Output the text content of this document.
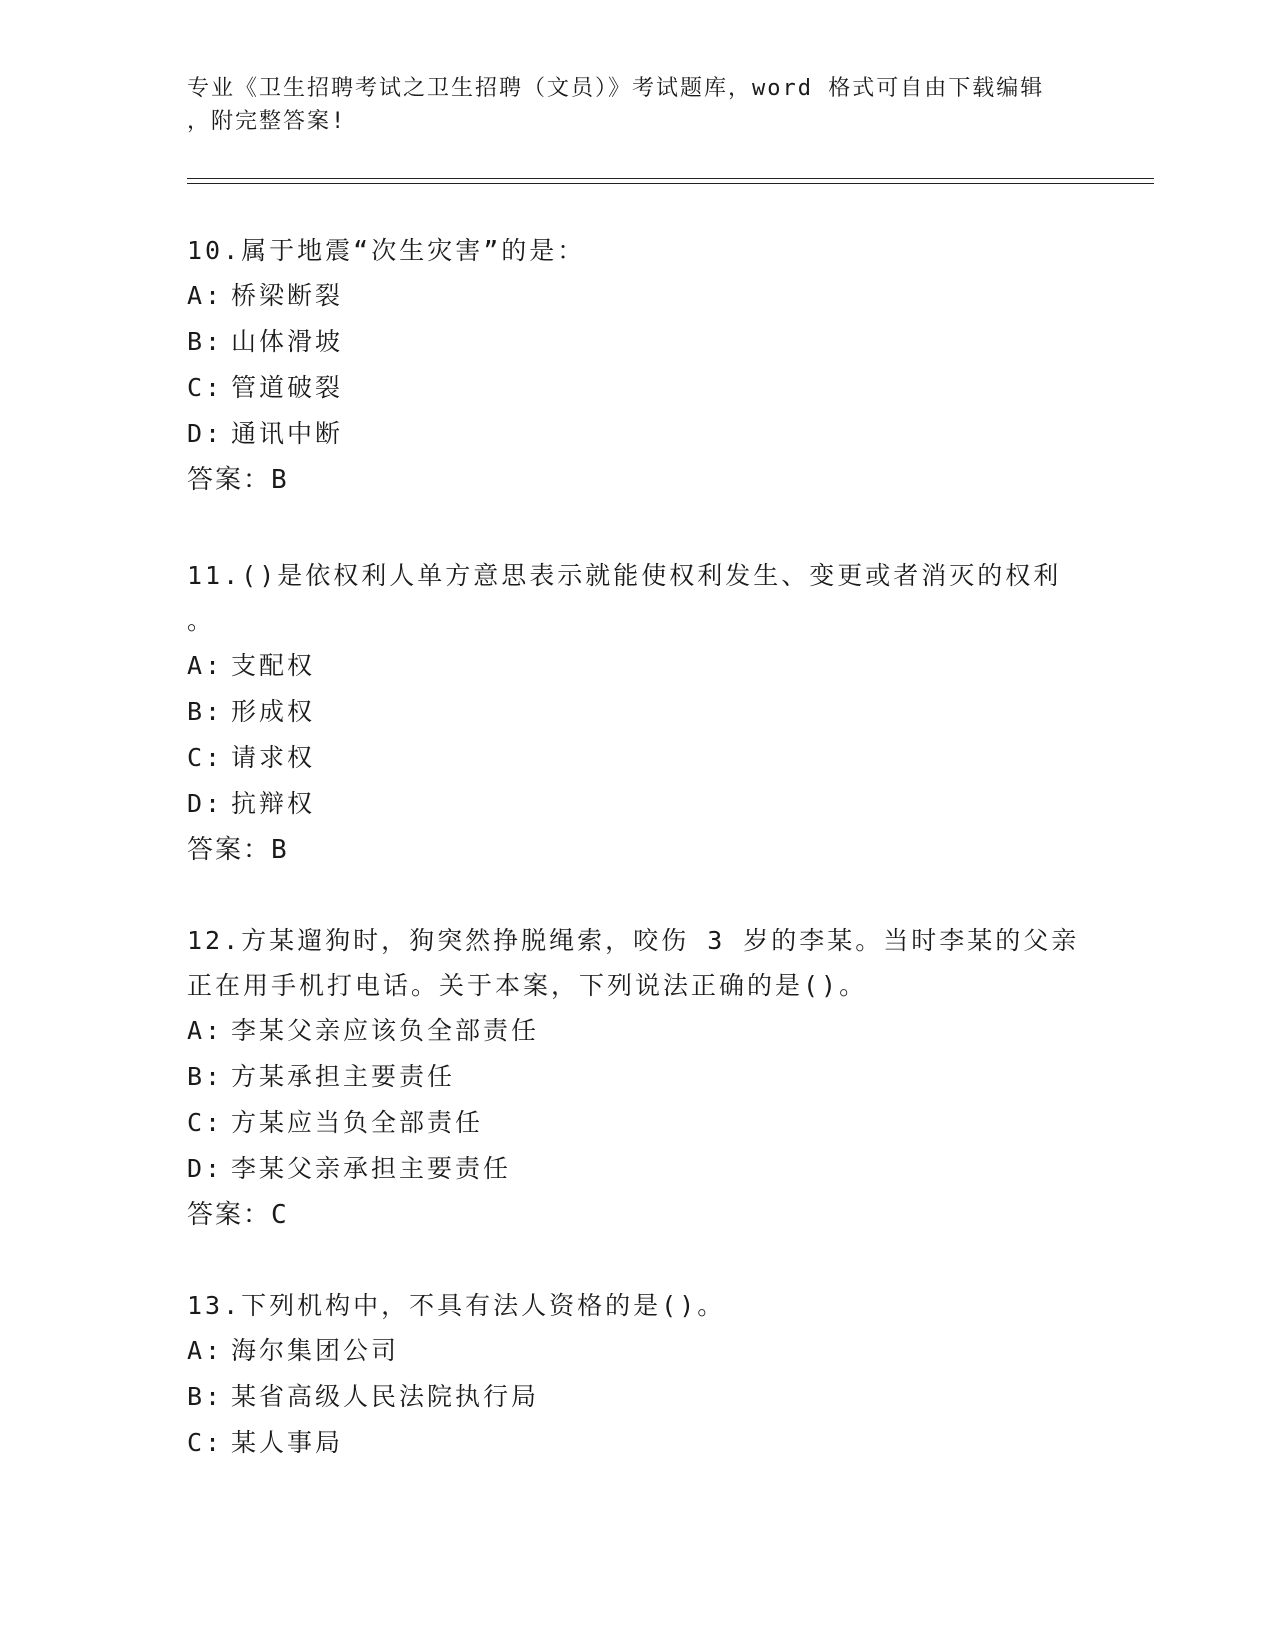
专业《卫生招聘考试之卫生招聘（文员）》考试题库，word 格式可自由下载编辑
，附完整答案!
10.属于地震“次生灾害”的是：
A: 桥梁断裂
B: 山体滑坡
C: 管道破裂
D: 通讯中断
答案：B
11.()是依权利人单方意思表示就能使权利发生、变更或者消灭的权利
。
A: 支配权
B: 形成权
C: 请求权
D: 抗辩权
答案：B
12.方某遛狗时，狗突然挣脱绳索，咬伤 3 岁的李某。当时李某的父亲
正在用手机打电话。关于本案，下列说法正确的是()。
A: 李某父亲应该负全部责任
B: 方某承担主要责任
C: 方某应当负全部责任
D: 李某父亲承担主要责任
答案：C
13.下列机构中，不具有法人资格的是()。
A: 海尔集团公司
B: 某省高级人民法院执行局
C: 某人事局
